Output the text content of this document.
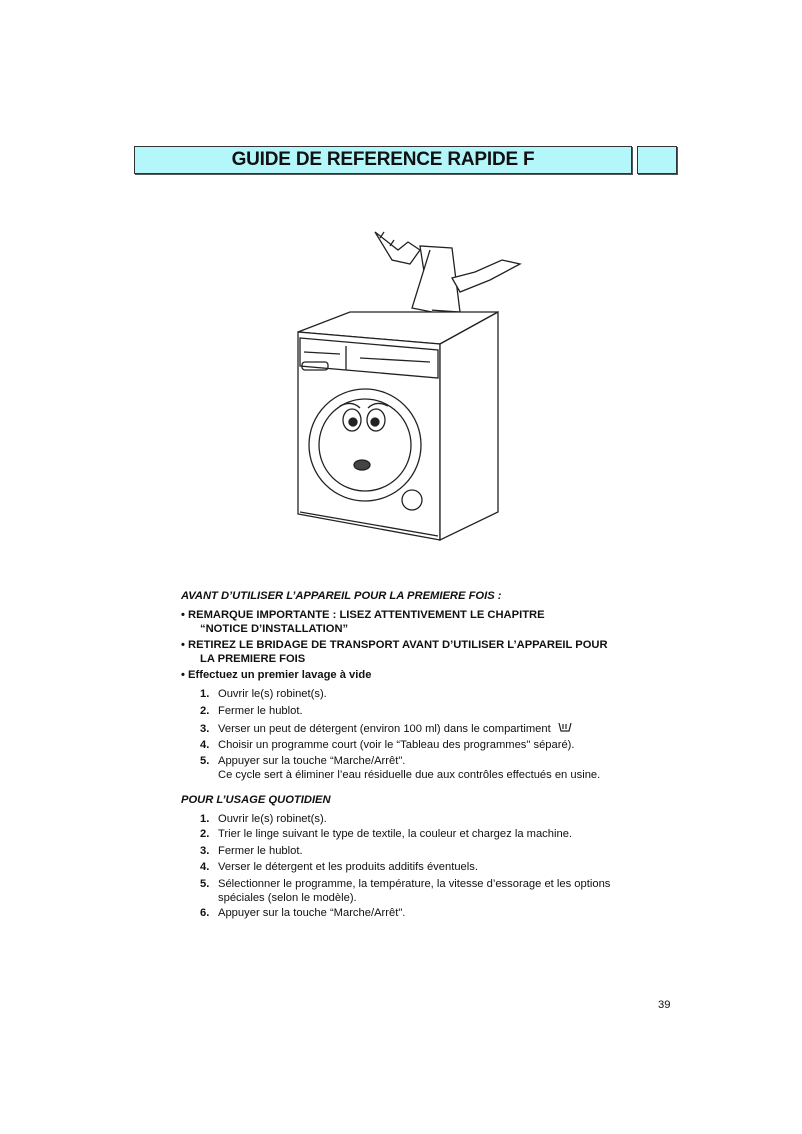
GUIDE DE REFERENCE RAPIDE F
AVANT D’UTILISER L’APPAREIL POUR LA PREMIERE FOIS :
• REMARQUE IMPORTANTE : LISEZ ATTENTIVEMENT LE CHAPITRE
“NOTICE D’INSTALLATION”
• RETIREZ LE BRIDAGE DE TRANSPORT AVANT D’UTILISER L’APPAREIL POUR
LA PREMIERE FOIS
• Effectuez un premier lavage à vide
1. Ouvrir le(s) robinet(s).
2. Fermer le hublot.
3. Verser un peut de détergent (environ 100 ml) dans le compartiment
4. Choisir un programme court (voir le “Tableau des programmes" séparé).
5. Appuyer sur la touche “Marche/Arrêt".
Ce cycle sert à éliminer l’eau résiduelle due aux contrôles effectués en usine.
POUR L’USAGE QUOTIDIEN
1. Ouvrir le(s) robinet(s).
2. Trier le linge suivant le type de textile, la couleur et chargez la machine.
3. Fermer le hublot.
4. Verser le détergent et les produits additifs éventuels.
5. Sélectionner le programme, la température, la vitesse d’essorage et les options
spéciales (selon le modèle).
6. Appuyer sur la touche “Marche/Arrêt".
39
